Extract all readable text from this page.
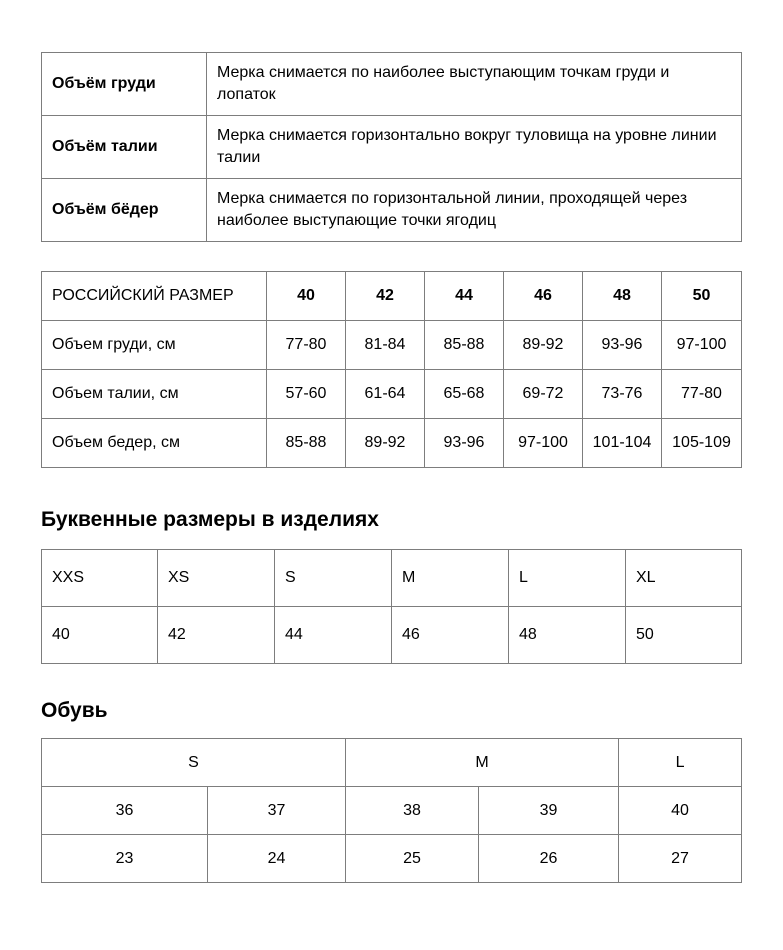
Объём груди	Мерка снимается по наиболее выступающим точкам груди и лопаток
Объём талии	Мерка снимается горизонтально вокруг туловища на уровне линии талии
Объём бёдер	Мерка снимается по горизонтальной линии, проходящей через наиболее выступающие точки ягодиц
РОССИЙСКИЙ РАЗМЕР	40	42	44	46	48	50
Объем груди, см	77-80	81-84	85-88	89-92	93-96	97-100
Объем талии, см	57-60	61-64	65-68	69-72	73-76	77-80
Объем бедер, см	85-88	89-92	93-96	97-100	101-104	105-109
Буквенные размеры в изделиях
XXS	XS	S	M	L	XL
40	42	44	46	48	50
Обувь
S		M		L
36	37	38	39	40
23	24	25	26	27
